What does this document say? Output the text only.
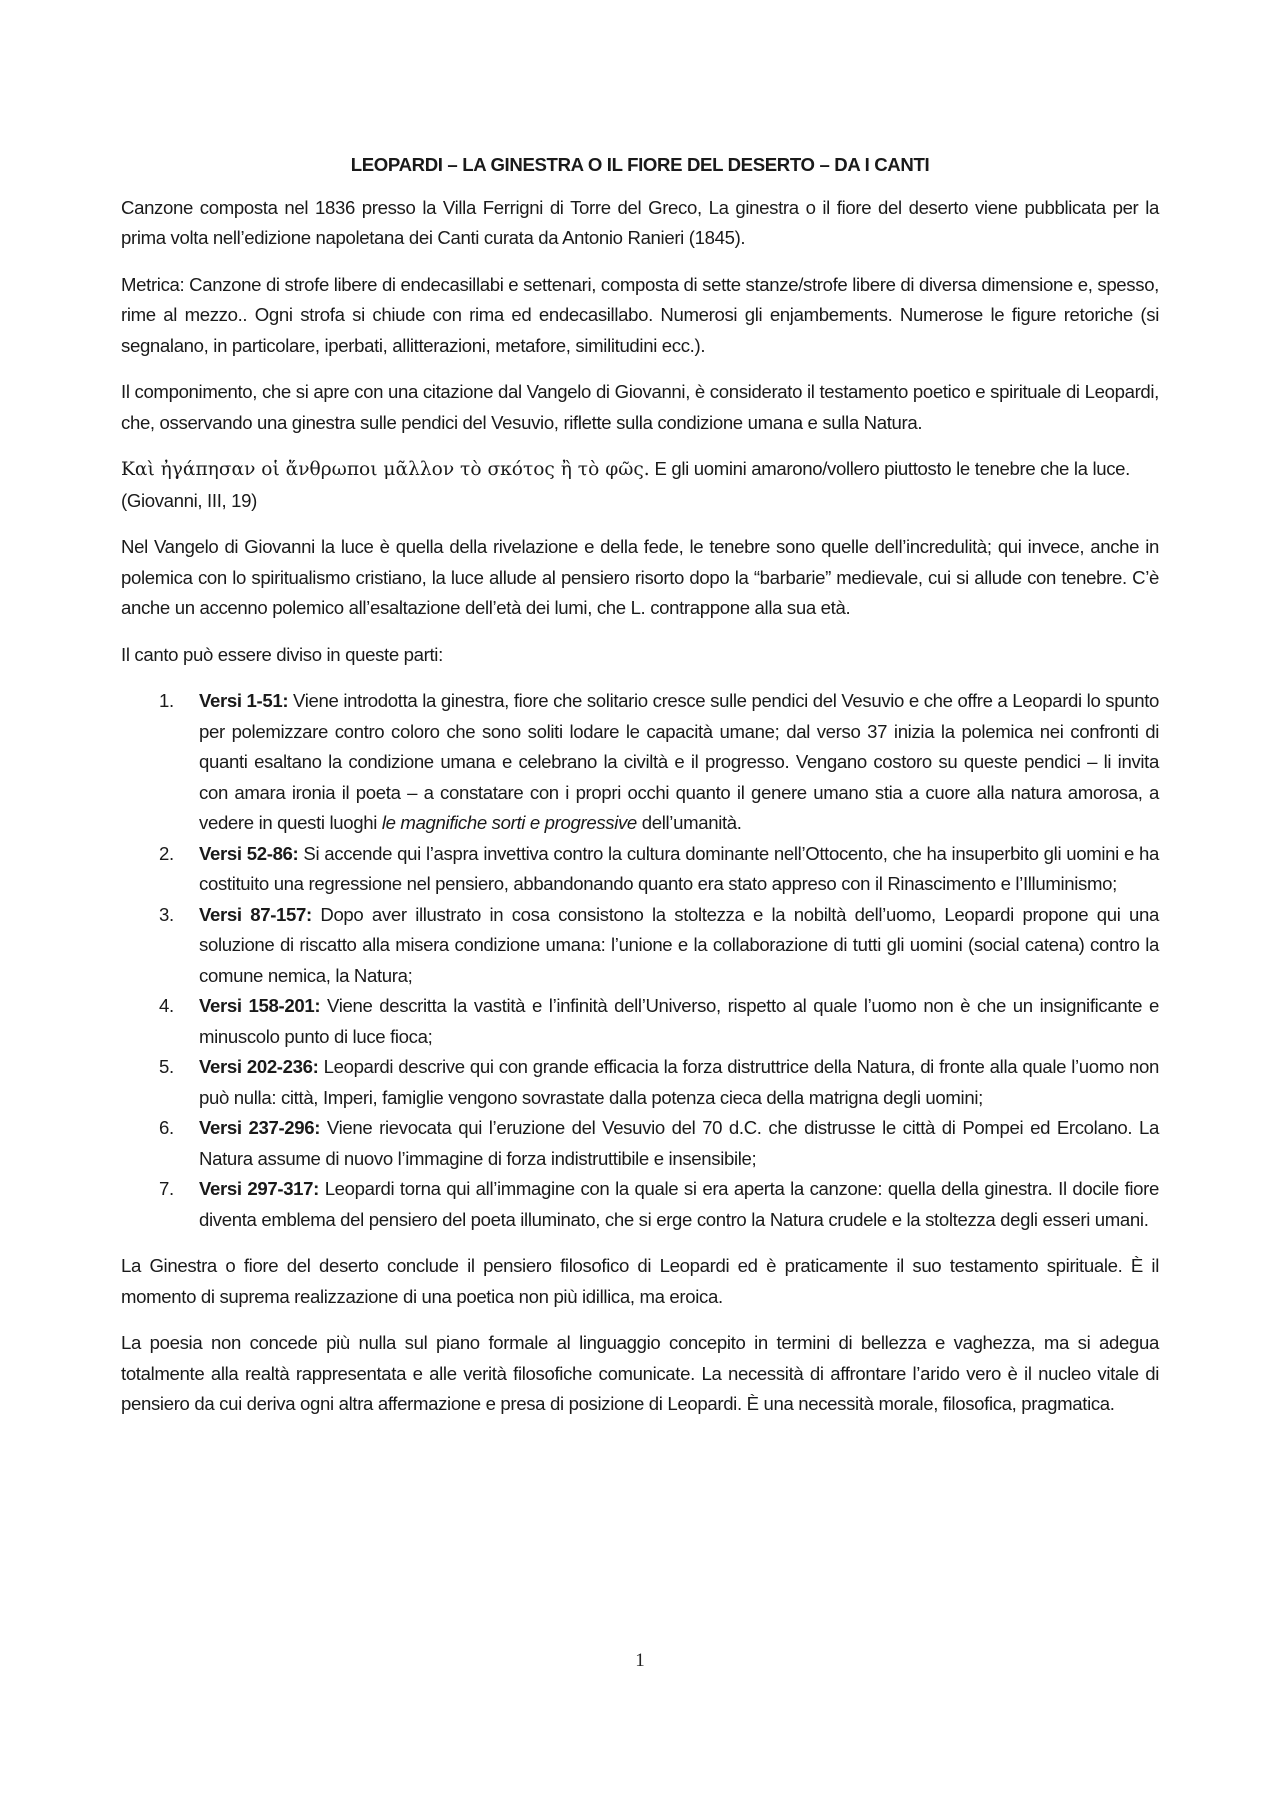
LEOPARDI – LA GINESTRA O IL FIORE DEL DESERTO – DA I CANTI

Canzone composta nel 1836 presso la Villa Ferrigni di Torre del Greco, La ginestra o il fiore del deserto viene pubblicata per la prima volta nell’edizione napoletana dei Canti curata da Antonio Ranieri (1845).

Metrica: Canzone di strofe libere di endecasillabi e settenari, composta di sette stanze/strofe libere di diversa dimensione e, spesso, rime al mezzo.. Ogni strofa si chiude con rima ed endecasillabo. Numerosi gli enjambements. Numerose le figure retoriche (si segnalano, in particolare, iperbati, allitterazioni, metafore, similitudini ecc.).

Il componimento, che si apre con una citazione dal Vangelo di Giovanni, è considerato il testamento poetico e spirituale di Leopardi, che, osservando una ginestra sulle pendici del Vesuvio, riflette sulla condizione umana e sulla Natura.

Καὶ ἠγάπησαν οἱ ἄνθρωποι μᾶλλον τὸ σκότος ἢ τὸ φῶς. E gli uomini amarono/vollero piuttosto le tenebre che la luce. (Giovanni, III, 19)

Nel Vangelo di Giovanni la luce è quella della rivelazione e della fede, le tenebre sono quelle dell’incredulità; qui invece, anche in polemica con lo spiritualismo cristiano, la luce allude al pensiero risorto dopo la “barbarie” medievale, cui si allude con tenebre. C’è anche un accenno polemico all’esaltazione dell’età dei lumi, che L. contrappone alla sua età.

Il canto può essere diviso in queste parti:

1. Versi 1-51: Viene introdotta la ginestra, fiore che solitario cresce sulle pendici del Vesuvio e che offre a Leopardi lo spunto per polemizzare contro coloro che sono soliti lodare le capacità umane; dal verso 37 inizia la polemica nei confronti di quanti esaltano la condizione umana e celebrano la civiltà e il progresso. Vengano costoro su queste pendici – li invita con amara ironia il poeta – a constatare con i propri occhi quanto il genere umano stia a cuore alla natura amorosa, a vedere in questi luoghi le magnifiche sorti e progressive dell’umanità.
2. Versi 52-86: Si accende qui l’aspra invettiva contro la cultura dominante nell’Ottocento, che ha insuperbito gli uomini e ha costituito una regressione nel pensiero, abbandonando quanto era stato appreso con il Rinascimento e l’Illuminismo;
3. Versi 87-157: Dopo aver illustrato in cosa consistono la stoltezza e la nobiltà dell’uomo, Leopardi propone qui una soluzione di riscatto alla misera condizione umana: l’unione e la collaborazione di tutti gli uomini (social catena) contro la comune nemica, la Natura;
4. Versi 158-201: Viene descritta la vastità e l’infinità dell’Universo, rispetto al quale l’uomo non è che un insignificante e minuscolo punto di luce fioca;
5. Versi 202-236: Leopardi descrive qui con grande efficacia la forza distruttrice della Natura, di fronte alla quale l’uomo non può nulla: città, Imperi, famiglie vengono sovrastate dalla potenza cieca della matrigna degli uomini;
6. Versi 237-296: Viene rievocata qui l’eruzione del Vesuvio del 70 d.C. che distrusse le città di Pompei ed Ercolano. La Natura assume di nuovo l’immagine di forza indistruttibile e insensibile;
7. Versi 297-317: Leopardi torna qui all’immagine con la quale si era aperta la canzone: quella della ginestra. Il docile fiore diventa emblema del pensiero del poeta illuminato, che si erge contro la Natura crudele e la stoltezza degli esseri umani.

La Ginestra o fiore del deserto conclude il pensiero filosofico di Leopardi ed è praticamente il suo testamento spirituale. È il momento di suprema realizzazione di una poetica non più idillica, ma eroica.

La poesia non concede più nulla sul piano formale al linguaggio concepito in termini di bellezza e vaghezza, ma si adegua totalmente alla realtà rappresentata e alle verità filosofiche comunicate. La necessità di affrontare l’arido vero è il nucleo vitale di pensiero da cui deriva ogni altra affermazione e presa di posizione di Leopardi. È una necessità morale, filosofica, pragmatica.

1
